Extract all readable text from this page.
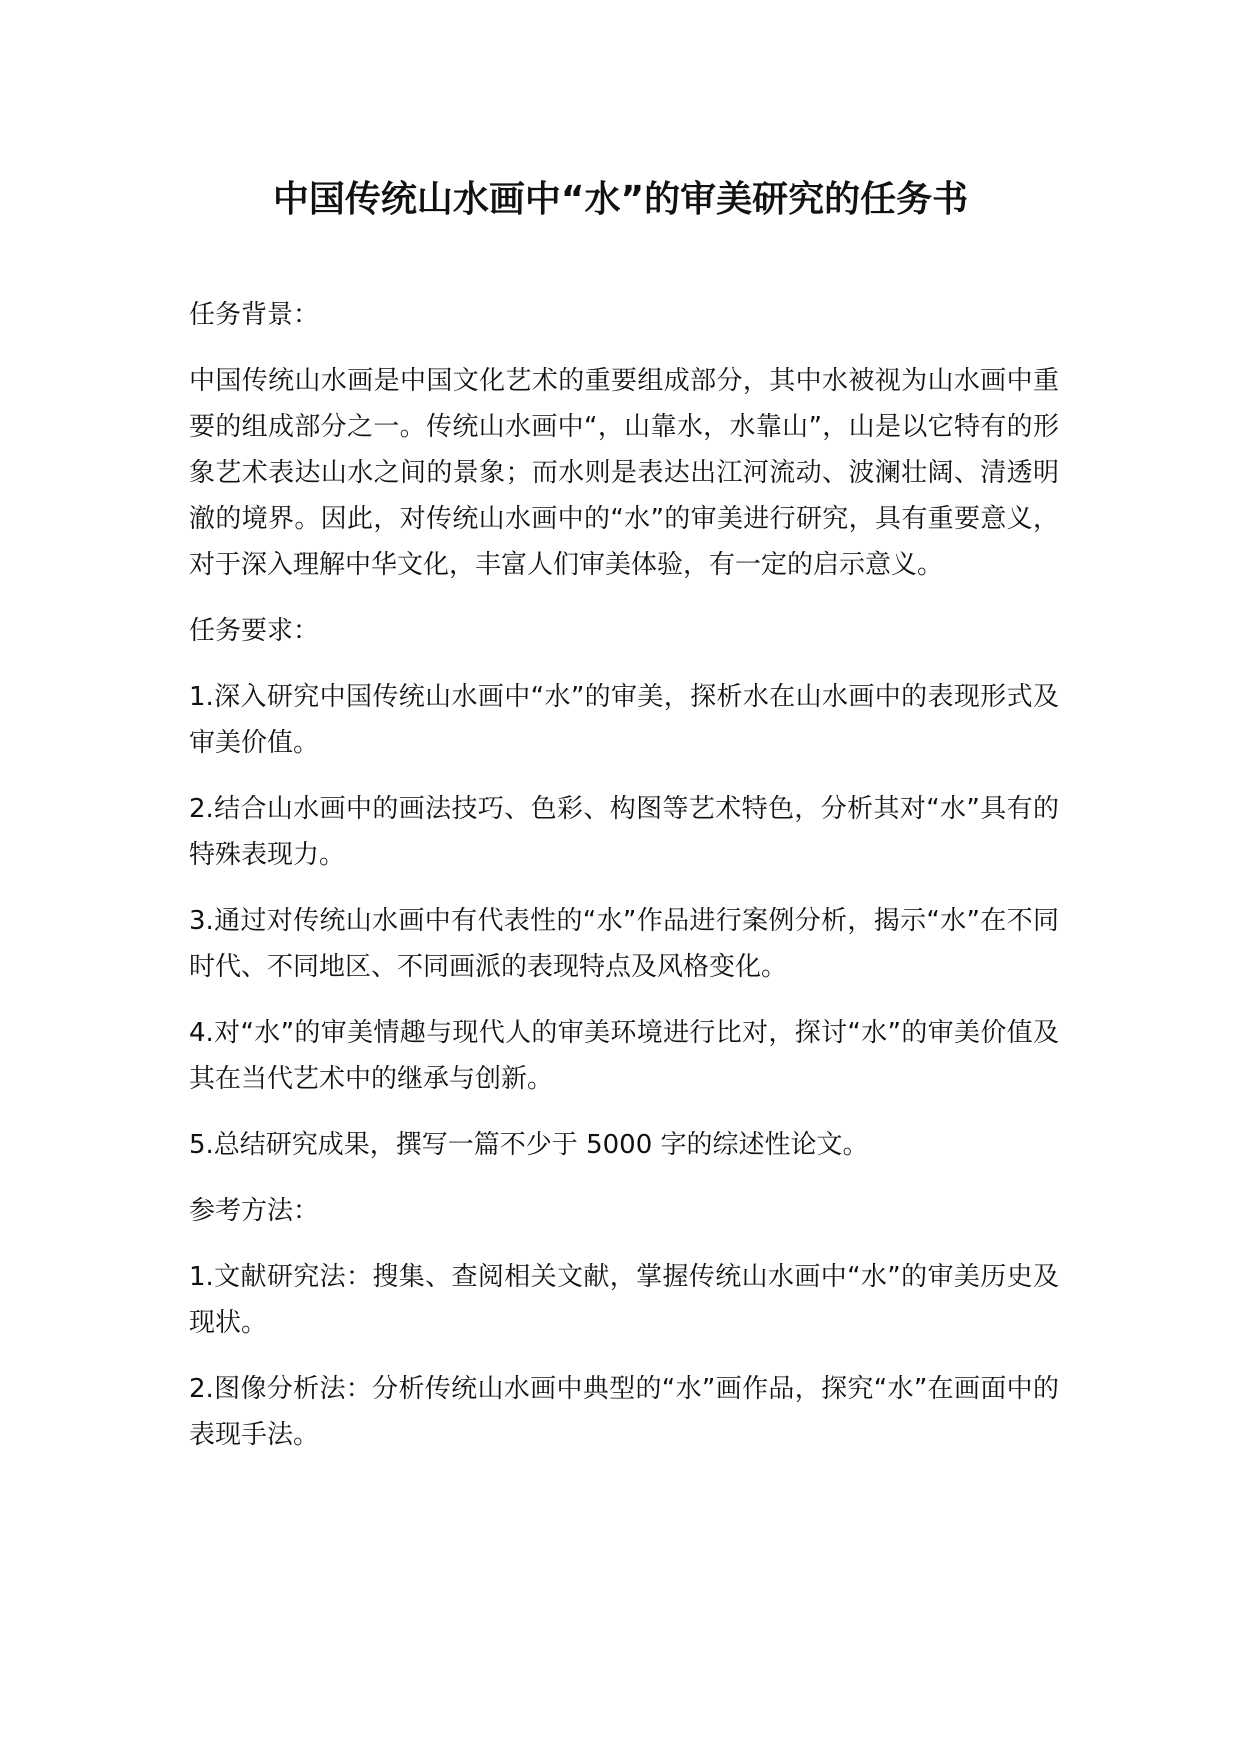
中国传统山水画中“水”的审美研究的任务书

任务背景：

中国传统山水画是中国文化艺术的重要组成部分，其中水被视为山水画中重要的组成部分之一。传统山水画中“，山靠水，水靠山”，山是以它特有的形象艺术表达山水之间的景象；而水则是表达出江河流动、波澜壮阔、清透明澈的境界。因此，对传统山水画中的“水”的审美进行研究，具有重要意义，对于深入理解中华文化，丰富人们审美体验，有一定的启示意义。

任务要求：

1.深入研究中国传统山水画中“水”的审美，探析水在山水画中的表现形式及审美价值。

2.结合山水画中的画法技巧、色彩、构图等艺术特色，分析其对“水”具有的特殊表现力。

3.通过对传统山水画中有代表性的“水”作品进行案例分析，揭示“水”在不同时代、不同地区、不同画派的表现特点及风格变化。

4.对“水”的审美情趣与现代人的审美环境进行比对，探讨“水”的审美价值及其在当代艺术中的继承与创新。

5.总结研究成果，撰写一篇不少于 5000 字的综述性论文。

参考方法：

1.文献研究法：搜集、查阅相关文献，掌握传统山水画中“水”的审美历史及现状。

2.图像分析法：分析传统山水画中典型的“水”画作品，探究“水”在画面中的表现手法。
